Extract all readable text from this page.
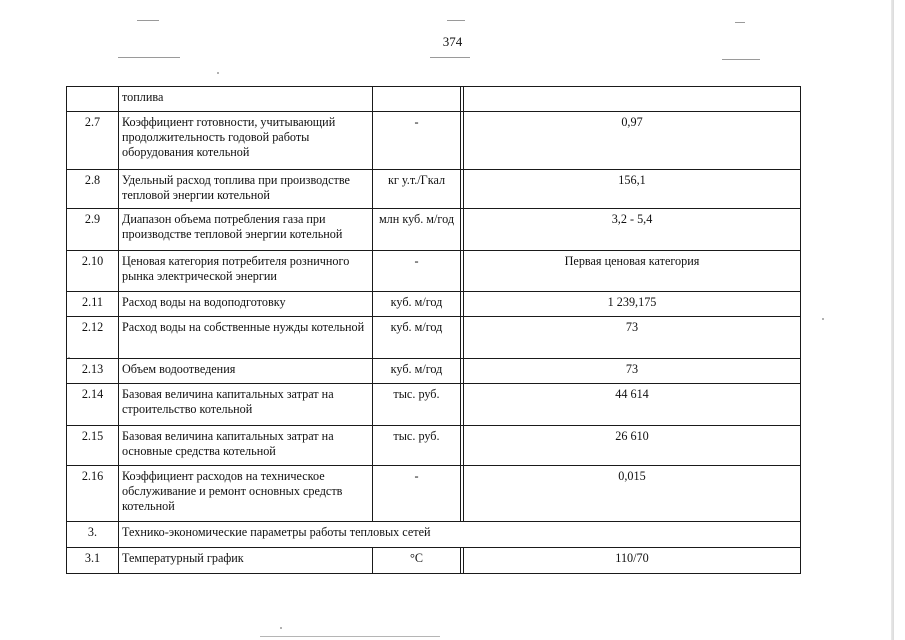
374
	топлива			
2.7	Коэффициент готовности, учитывающий продолжительность годовой работы оборудования котельной	-		0,97
2.8	Удельный расход топлива при производстве тепловой энергии котельной	кг у.т./Гкал		156,1
2.9	Диапазон объема потребления газа при производстве тепловой энергии котельной	млн куб. м/год		3,2 - 5,4
2.10	Ценовая категория потребителя розничного рынка электрической энергии	-		Первая ценовая категория
2.11	Расход воды на водоподготовку	куб. м/год		1 239,175
2.12	Расход воды на собственные нужды котельной	куб. м/год		73
2.13	Объем водоотведения	куб. м/год		73
2.14	Базовая величина капитальных затрат на строительство котельной	тыс. руб.		44 614
2.15	Базовая величина капитальных затрат на основные средства котельной	тыс. руб.		26 610
2.16	Коэффициент расходов на техническое обслуживание и ремонт основных средств котельной	-		0,015
3.	Технико-экономические параметры работы тепловых сетей			
3.1	Температурный график	°C		110/70
